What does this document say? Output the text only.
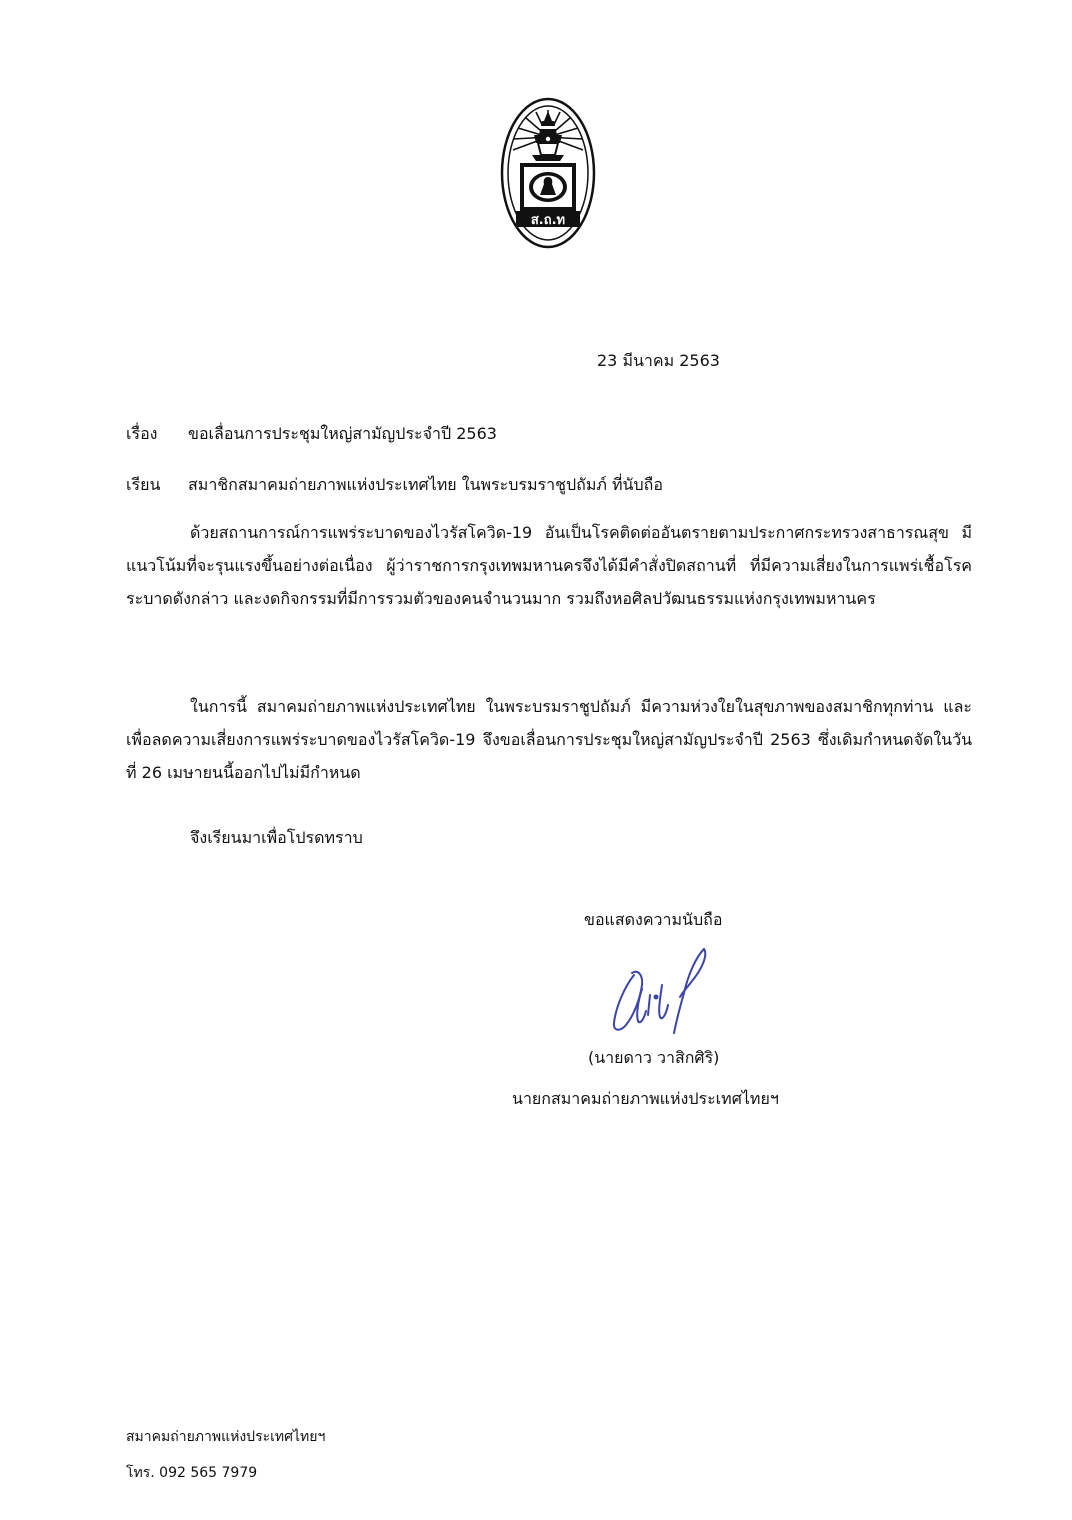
ส.ถ.ท
23 มีนาคม 2563
เรื่อง ขอเลื่อนการประชุมใหญ่สามัญประจำปี 2563
เรียน สมาชิกสมาคมถ่ายภาพแห่งประเทศไทย ในพระบรมราชูปถัมภ์ ที่นับถือ

ด้วยสถานการณ์การแพร่ระบาดของไวรัสโควิด-19 อันเป็นโรคติดต่ออันตรายตามประกาศกระทรวงสาธารณสุข มีแนวโน้มที่จะรุนแรงขึ้นอย่างต่อเนื่อง ผู้ว่าราชการกรุงเทพมหานครจึงได้มีคำสั่งปิดสถานที่ ที่มีความเสี่ยงในการแพร่เชื้อโรคระบาดดังกล่าว และงดกิจกรรมที่มีการรวมตัวของคนจำนวนมาก รวมถึงหอศิลปวัฒนธรรมแห่งกรุงเทพมหานคร

ในการนี้ สมาคมถ่ายภาพแห่งประเทศไทย ในพระบรมราชูปถัมภ์ มีความห่วงใยในสุขภาพของสมาชิกทุกท่าน และเพื่อลดความเสี่ยงการแพร่ระบาดของไวรัสโควิด-19 จึงขอเลื่อนการประชุมใหญ่สามัญประจำปี 2563 ซึ่งเดิมกำหนดจัดในวันที่ 26 เมษายนนี้ออกไปไม่มีกำหนด

จึงเรียนมาเพื่อโปรดทราบ
ขอแสดงความนับถือ
(นายดาว วาสิกศิริ)
นายกสมาคมถ่ายภาพแห่งประเทศไทยฯ
สมาคมถ่ายภาพแห่งประเทศไทยฯ
โทร. 092 565 7979
